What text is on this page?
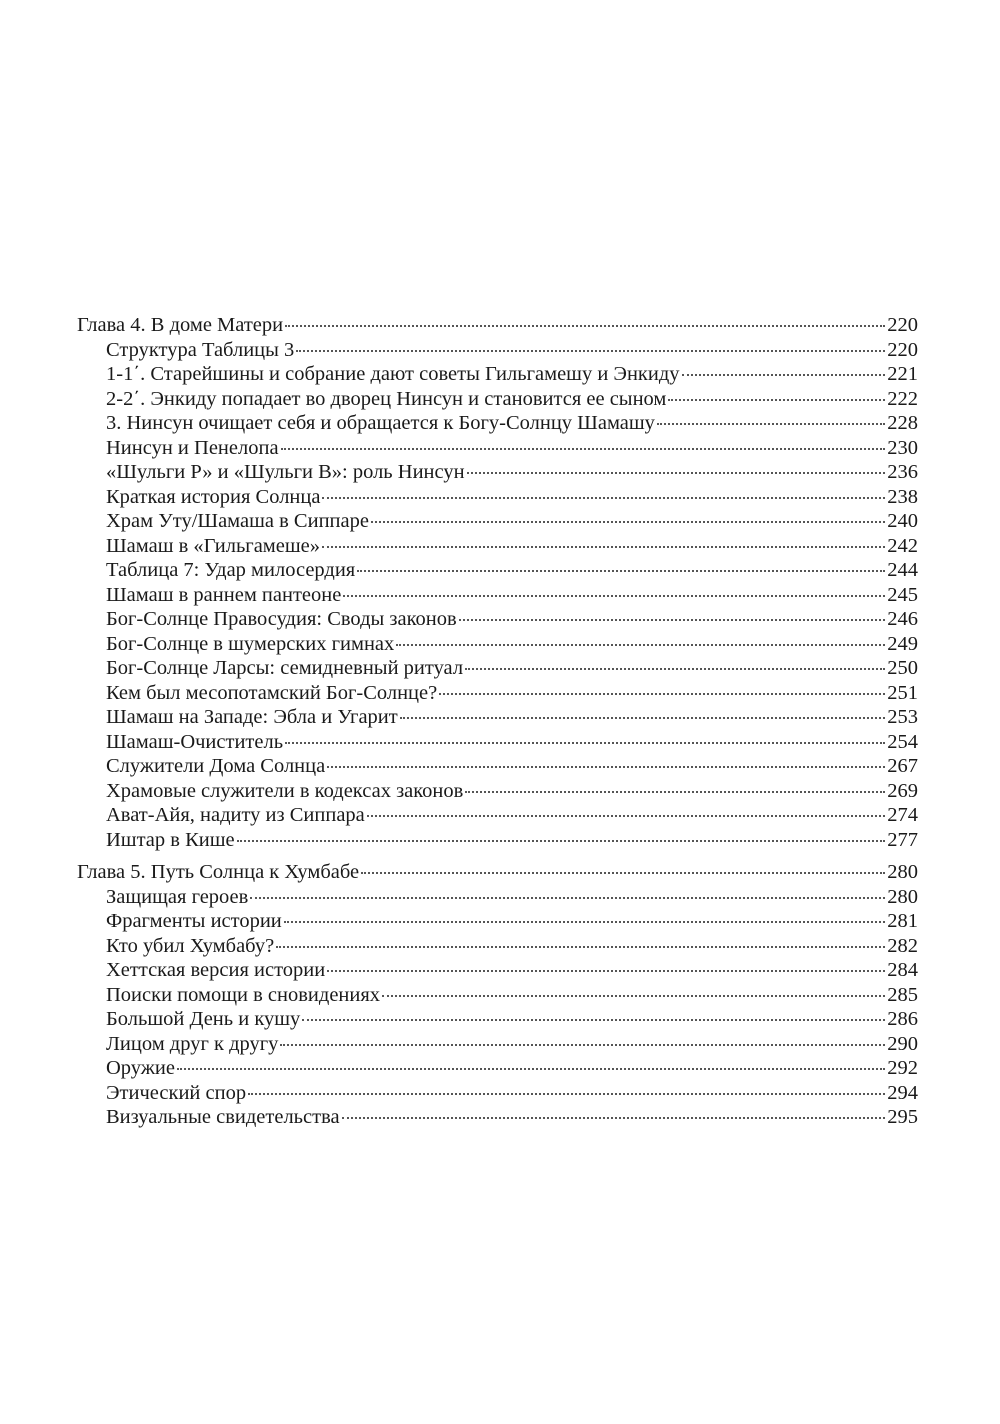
Глава 4. В доме Матери	220
Структура Таблицы 3	220
1-1΄. Старейшины и собрание дают советы Гильгамешу и Энкиду	221
2-2΄. Энкиду попадает во дворец Нинсун и становится ее сыном	222
3. Нинсун очищает себя и обращается к Богу-Солнцу Шамашу	228
Нинсун и Пенелопа	230
«Шульги Р» и «Шульги В»: роль Нинсун	236
Краткая история Солнца	238
Храм Уту/Шамаша в Сиппаре	240
Шамаш в «Гильгамеше»	242
Таблица 7: Удар милосердия	244
Шамаш в раннем пантеоне	245
Бог-Солнце Правосудия: Своды законов	246
Бог-Солнце в шумерских гимнах	249
Бог-Солнце Ларсы: семидневный ритуал	250
Кем был месопотамский Бог-Солнце?	251
Шамаш на Западе: Эбла и Угарит	253
Шамаш-Очиститель	254
Служители Дома Солнца	267
Храмовые служители в кодексах законов	269
Ават-Айя, надиту из Сиппара	274
Иштар в Кише	277
Глава 5. Путь Солнца к Хумбабе	280
Защищая героев	280
Фрагменты истории	281
Кто убил Хумбабу?	282
Хеттская версия истории	284
Поиски помощи в сновидениях	285
Большой День и кушу	286
Лицом друг к другу	290
Оружие	292
Этический спор	294
Визуальные свидетельства	295
